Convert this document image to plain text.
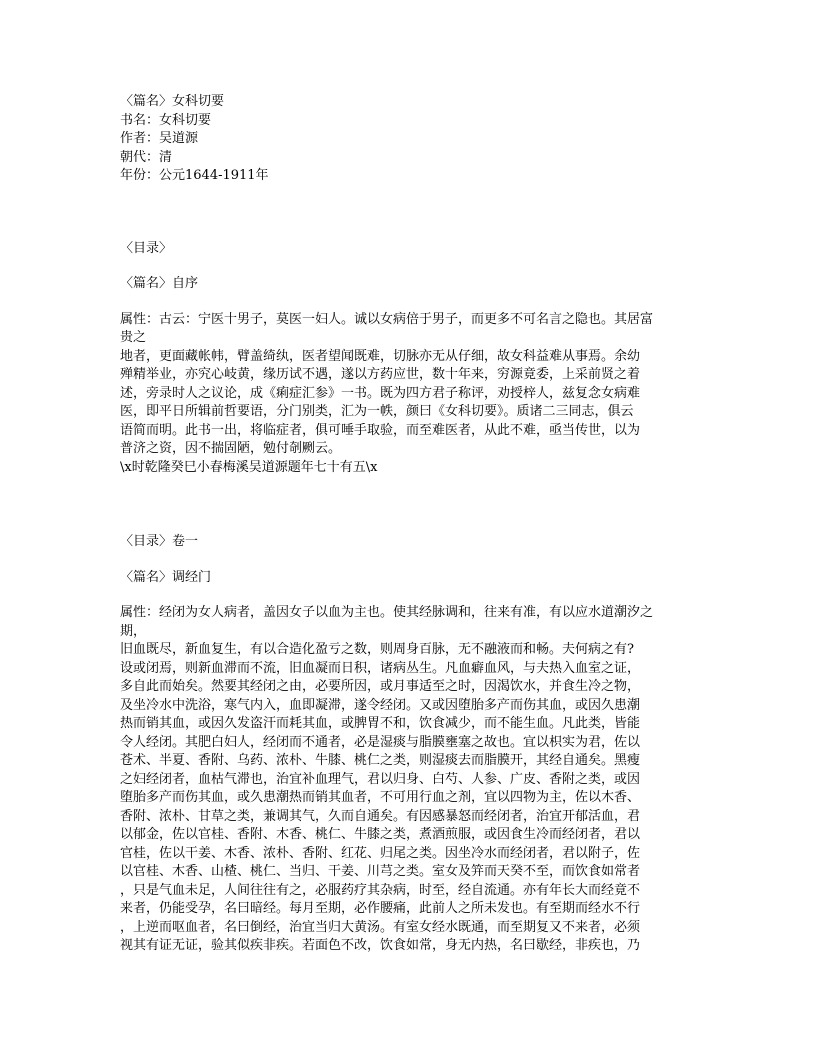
〈篇名〉女科切要

书名：女科切要

作者：吴道源

朝代：清

年份：公元1644-1911年

〈目录〉

〈篇名〉自序

属性：古云：宁医十男子，莫医一妇人。诚以女病倍于男子，而更多不可名言之隐也。其居富

贵之

地者，更面藏帐帏，臂盖绮纨，医者望闻既难，切脉亦无从仔细，故女科益难从事焉。余幼

殚精举业，亦究心岐黄，缘历试不遇，遂以方药应世，数十年来，穷源竟委，上采前贤之着

述，旁录时人之议论，成《痢症汇参》一书。既为四方君子称评，劝授梓人，兹复念女病难

医，即平日所辑前哲要语，分门别类，汇为一帙，颜曰《女科切要》。质诸二三同志，俱云

语简而明。此书一出，将临症者，俱可唾手取验，而至难医者，从此不难，亟当传世，以为

普济之资，因不揣固陋，勉付剞劂云。

\x时乾隆癸巳小春梅溪吴道源题年七十有五\x

〈目录〉卷一

〈篇名〉调经门

属性：经闭为女人病者，盖因女子以血为主也。使其经脉调和，往来有准，有以应水道潮汐之

期，

旧血既尽，新血复生，有以合造化盈亏之数，则周身百脉，无不融液而和畅。夫何病之有?

设或闭焉，则新血滞而不流，旧血凝而日积，诸病丛生。凡血癖血风，与夫热入血室之证，

多自此而始矣。然要其经闭之由，必要所因，或月事适至之时，因渴饮水，并食生冷之物，

及坐冷水中洗浴，寒气内入，血即凝滞，遂令经闭。又或因堕胎多产而伤其血，或因久患潮

热而销其血，或因久发盗汗而耗其血，或脾胃不和，饮食减少，而不能生血。凡此类，皆能

令人经闭。其肥白妇人，经闭而不通者，必是湿痰与脂膜壅塞之故也。宜以枳实为君，佐以

苍术、半夏、香附、乌药、浓朴、牛膝、桃仁之类，则湿痰去而脂膜开，其经自通矣。黑瘦

之妇经闭者，血枯气滞也，治宜补血理气，君以归身、白芍、人参、广皮、香附之类，或因

堕胎多产而伤其血，或久患潮热而销其血者，不可用行血之剂，宜以四物为主，佐以木香、

香附、浓朴、甘草之类，兼调其气，久而自通矣。有因感暴怒而经闭者，治宜开郁活血，君

以郁金，佐以官桂、香附、木香、桃仁、牛膝之类，煮酒煎服，或因食生冷而经闭者，君以

官桂，佐以干姜、木香、浓朴、香附、红花、归尾之类。因坐冷水而经闭者，君以附子，佐

以官桂、木香、山楂、桃仁、当归、干姜、川芎之类。室女及笄而天癸不至，而饮食如常者

，只是气血未足，人间往往有之，必服药疗其杂病，时至，经自流通。亦有年长大而经竟不

来者，仍能受孕，名曰暗经。每月至期，必作腰痛，此前人之所未发也。有至期而经水不行

，上逆而呕血者，名曰倒经，治宜当归大黄汤。有室女经水既通，而至期复又不来者，必须

视其有证无证，验其似疾非疾。若面色不改，饮食如常，身无内热，名曰歇经，非疾也，乃
